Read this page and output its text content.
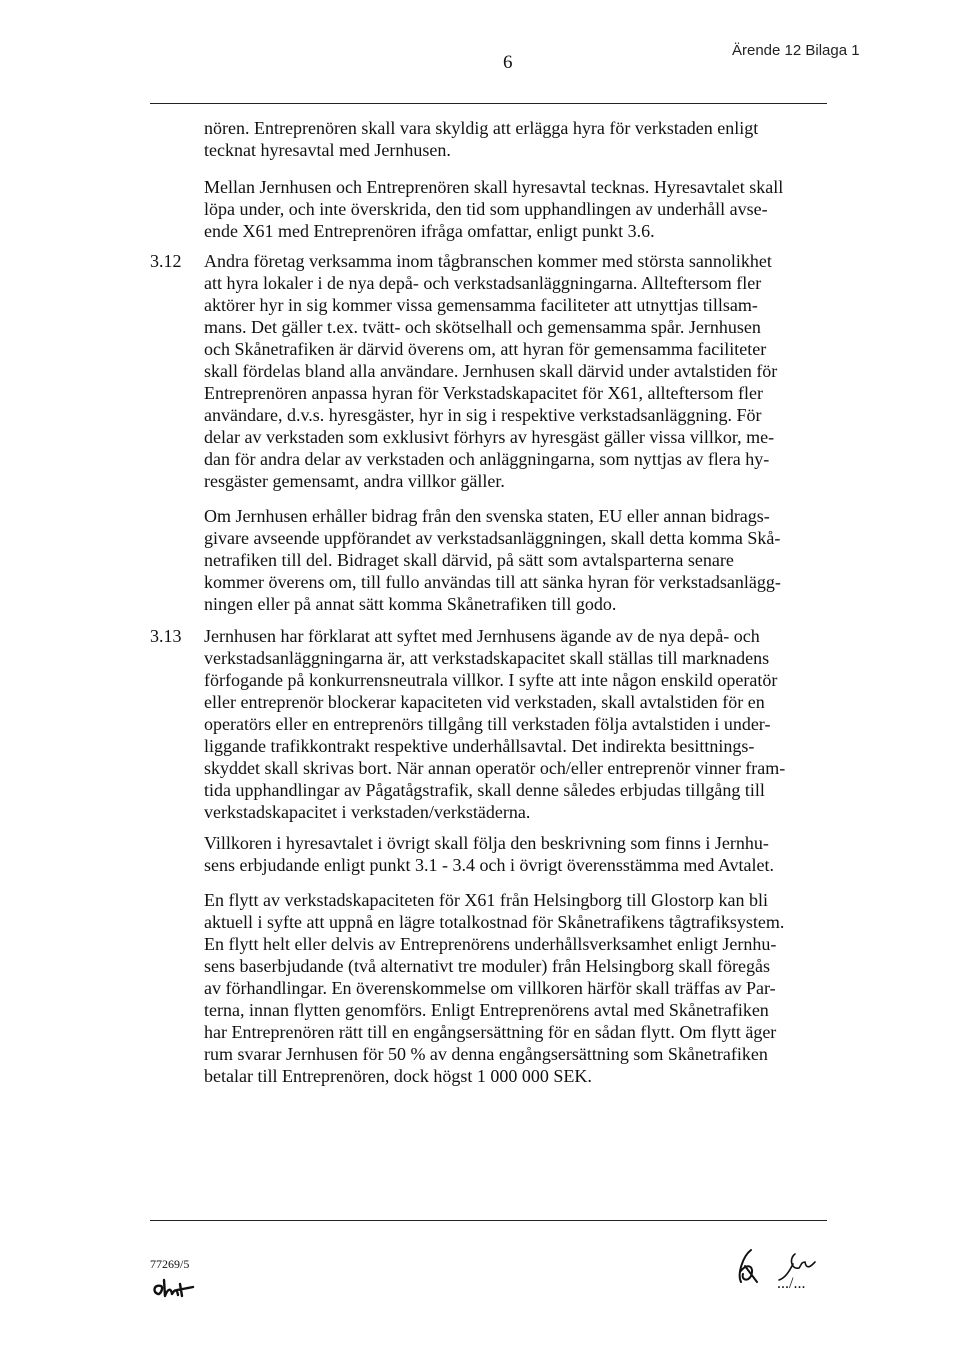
6
Ärende 12 Bilaga 1

nören. Entreprenören skall vara skyldig att erlägga hyra för verkstaden enligt
tecknat hyresavtal med Jernhusen.

Mellan Jernhusen och Entreprenören skall hyresavtal tecknas. Hyresavtalet skall
löpa under, och inte överskrida, den tid som upphandlingen av underhåll avse-
ende X61 med Entreprenören ifråga omfattar, enligt punkt 3.6.

3.12 Andra företag verksamma inom tågbranschen kommer med största sannolikhet
att hyra lokaler i de nya depå- och verkstadsanläggningarna. Allteftersom fler
aktörer hyr in sig kommer vissa gemensamma faciliteter att utnyttjas tillsam-
mans. Det gäller t.ex. tvätt- och skötselhall och gemensamma spår. Jernhusen
och Skånetrafiken är därvid överens om, att hyran för gemensamma faciliteter
skall fördelas bland alla användare. Jernhusen skall därvid under avtalstiden för
Entreprenören anpassa hyran för Verkstadskapacitet för X61, allteftersom fler
användare, d.v.s. hyresgäster, hyr in sig i respektive verkstadsanläggning. För
delar av verkstaden som exklusivt förhyrs av hyresgäst gäller vissa villkor, me-
dan för andra delar av verkstaden och anläggningarna, som nyttjas av flera hy-
resgäster gemensamt, andra villkor gäller.

Om Jernhusen erhåller bidrag från den svenska staten, EU eller annan bidrags-
givare avseende uppförandet av verkstadsanläggningen, skall detta komma Skå-
netrafiken till del. Bidraget skall därvid, på sätt som avtalsparterna senare
kommer överens om, till fullo användas till att sänka hyran för verkstadsanlägg-
ningen eller på annat sätt komma Skånetrafiken till godo.

3.13 Jernhusen har förklarat att syftet med Jernhusens ägande av de nya depå- och
verkstadsanläggningarna är, att verkstadskapacitet skall ställas till marknadens
förfogande på konkurrensneutrala villkor. I syfte att inte någon enskild operatör
eller entreprenör blockerar kapaciteten vid verkstaden, skall avtalstiden för en
operatörs eller en entreprenörs tillgång till verkstaden följa avtalstiden i under-
liggande trafikkontrakt respektive underhållsavtal. Det indirekta besittnings-
skyddet skall skrivas bort. När annan operatör och/eller entreprenör vinner fram-
tida upphandlingar av Pågatågstrafik, skall denne således erbjudas tillgång till
verkstadskapacitet i verkstaden/verkstäderna.

Villkoren i hyresavtalet i övrigt skall följa den beskrivning som finns i Jernhu-
sens erbjudande enligt punkt 3.1 - 3.4 och i övrigt överensstämma med Avtalet.

En flytt av verkstadskapaciteten för X61 från Helsingborg till Glostorp kan bli
aktuell i syfte att uppnå en lägre totalkostnad för Skånetrafikens tågtrafiksystem.
En flytt helt eller delvis av Entreprenörens underhållsverksamhet enligt Jernhu-
sens baserbjudande (två alternativt tre moduler) från Helsingborg skall föregås
av förhandlingar. En överenskommelse om villkoren härför skall träffas av Par-
terna, innan flytten genomförs. Enligt Entreprenörens avtal med Skånetrafiken
har Entreprenören rätt till en engångsersättning för en sådan flytt. Om flytt äger
rum svarar Jernhusen för 50 % av denna engångsersättning som Skånetrafiken
betalar till Entreprenören, dock högst 1 000 000 SEK.

77269/5
.../...
